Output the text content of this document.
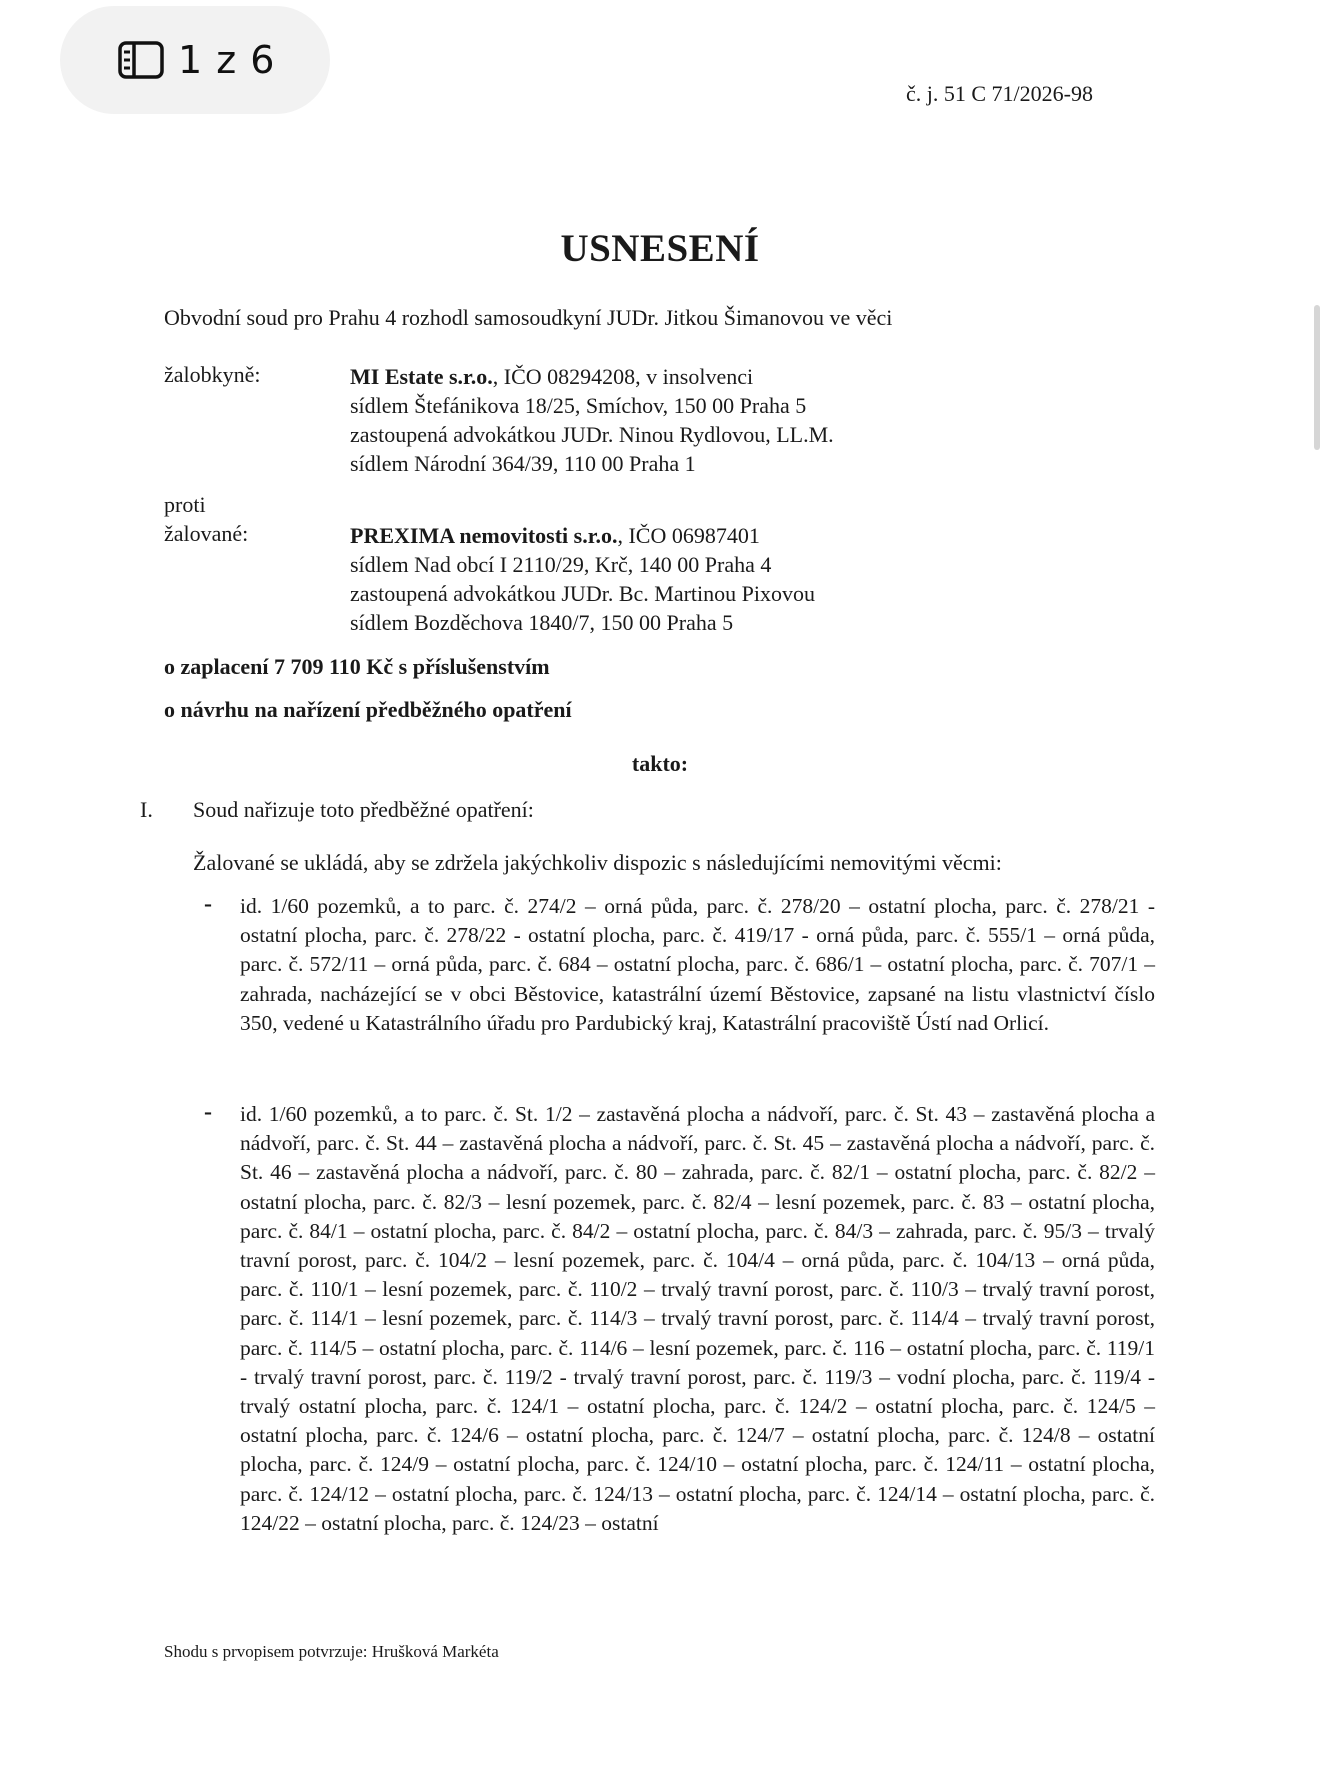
1 z 6
č. j. 51 C 71/2026-98
USNESENÍ
Obvodní soud pro Prahu 4 rozhodl samosoudkyní JUDr. Jitkou Šimanovou ve věci
žalobkyně:	MI Estate s.r.o., IČO 08294208, v insolvenci
sídlem Štefánikova 18/25, Smíchov, 150 00 Praha 5
zastoupená advokátkou JUDr. Ninou Rydlovou, LL.M.
sídlem Národní 364/39, 110 00 Praha 1
proti
žalované:	PREXIMA nemovitosti s.r.o., IČO 06987401
sídlem Nad obcí I 2110/29, Krč, 140 00 Praha 4
zastoupená advokátkou JUDr. Bc. Martinou Pixovou
sídlem Bozděchova 1840/7, 150 00 Praha 5
o zaplacení 7 709 110 Kč s příslušenstvím
o návrhu na nařízení předběžného opatření
takto:
I. Soud nařizuje toto předběžné opatření:
Žalované se ukládá, aby se zdržela jakýchkoliv dispozic s následujícími nemovitými věcmi:
- id. 1/60 pozemků, a to parc. č. 274/2 – orná půda, parc. č. 278/20 – ostatní plocha, parc. č. 278/21 - ostatní plocha, parc. č. 278/22 - ostatní plocha, parc. č. 419/17 - orná půda, parc. č. 555/1 – orná půda, parc. č. 572/11 – orná půda, parc. č. 684 – ostatní plocha, parc. č. 686/1 – ostatní plocha, parc. č. 707/1 – zahrada, nacházející se v obci Běstovice, katastrální území Běstovice, zapsané na listu vlastnictví číslo 350, vedené u Katastrálního úřadu pro Pardubický kraj, Katastrální pracoviště Ústí nad Orlicí.
- id. 1/60 pozemků, a to parc. č. St. 1/2 – zastavěná plocha a nádvoří, parc. č. St. 43 – zastavěná plocha a nádvoří, parc. č. St. 44 – zastavěná plocha a nádvoří, parc. č. St. 45 – zastavěná plocha a nádvoří, parc. č. St. 46 – zastavěná plocha a nádvoří, parc. č. 80 – zahrada, parc. č. 82/1 – ostatní plocha, parc. č. 82/2 – ostatní plocha, parc. č. 82/3 – lesní pozemek, parc. č. 82/4 – lesní pozemek, parc. č. 83 – ostatní plocha, parc. č. 84/1 – ostatní plocha, parc. č. 84/2 – ostatní plocha, parc. č. 84/3 – zahrada, parc. č. 95/3 – trvalý travní porost, parc. č. 104/2 – lesní pozemek, parc. č. 104/4 – orná půda, parc. č. 104/13 – orná půda, parc. č. 110/1 – lesní pozemek, parc. č. 110/2 – trvalý travní porost, parc. č. 110/3 – trvalý travní porost, parc. č. 114/1 – lesní pozemek, parc. č. 114/3 – trvalý travní porost, parc. č. 114/4 – trvalý travní porost, parc. č. 114/5 – ostatní plocha, parc. č. 114/6 – lesní pozemek, parc. č. 116 – ostatní plocha, parc. č. 119/1 - trvalý travní porost, parc. č. 119/2 - trvalý travní porost, parc. č. 119/3 – vodní plocha, parc. č. 119/4 - trvalý ostatní plocha, parc. č. 124/1 – ostatní plocha, parc. č. 124/2 – ostatní plocha, parc. č. 124/5 – ostatní plocha, parc. č. 124/6 – ostatní plocha, parc. č. 124/7 – ostatní plocha, parc. č. 124/8 – ostatní plocha, parc. č. 124/9 – ostatní plocha, parc. č. 124/10 – ostatní plocha, parc. č. 124/11 – ostatní plocha, parc. č. 124/12 – ostatní plocha, parc. č. 124/13 – ostatní plocha, parc. č. 124/14 – ostatní plocha, parc. č. 124/22 – ostatní plocha, parc. č. 124/23 – ostatní
Shodu s prvopisem potvrzuje: Hrušková Markéta
